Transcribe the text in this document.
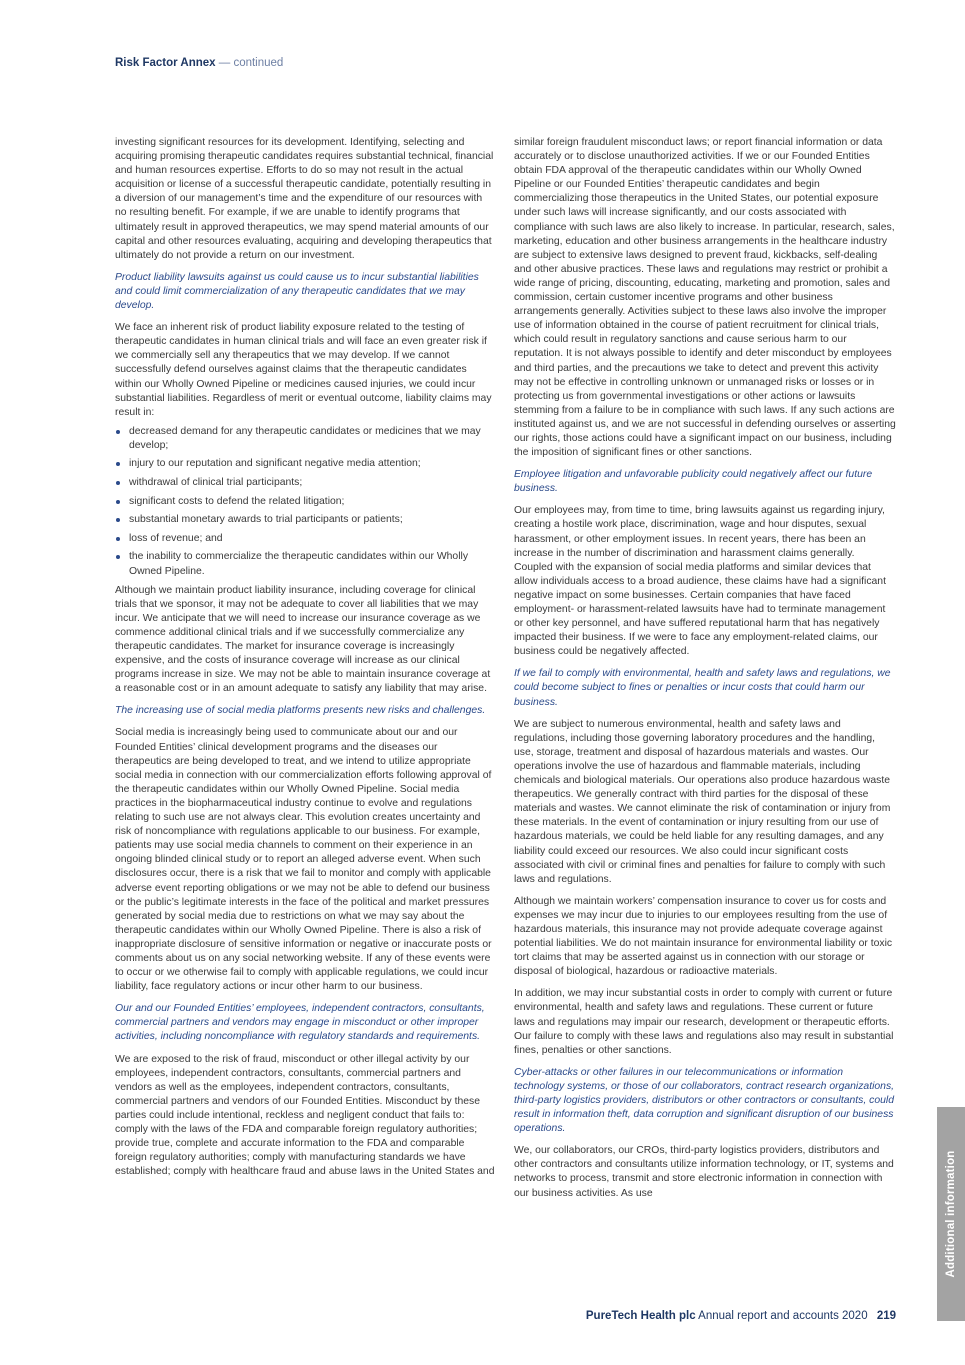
Risk Factor Annex — continued

investing significant resources for its development. Identifying, selecting and acquiring promising therapeutic candidates requires substantial technical, financial and human resources expertise. Efforts to do so may not result in the actual acquisition or license of a successful therapeutic candidate, potentially resulting in a diversion of our management’s time and the expenditure of our resources with no resulting benefit. For example, if we are unable to identify programs that ultimately result in approved therapeutics, we may spend material amounts of our capital and other resources evaluating, acquiring and developing therapeutics that ultimately do not provide a return on our investment.

Product liability lawsuits against us could cause us to incur substantial liabilities and could limit commercialization of any therapeutic candidates that we may develop.

We face an inherent risk of product liability exposure related to the testing of therapeutic candidates in human clinical trials and will face an even greater risk if we commercially sell any therapeutics that we may develop. If we cannot successfully defend ourselves against claims that the therapeutic candidates within our Wholly Owned Pipeline or medicines caused injuries, we could incur substantial liabilities. Regardless of merit or eventual outcome, liability claims may result in:

decreased demand for any therapeutic candidates or medicines that we may develop;
injury to our reputation and significant negative media attention;
withdrawal of clinical trial participants;
significant costs to defend the related litigation;
substantial monetary awards to trial participants or patients;
loss of revenue; and
the inability to commercialize the therapeutic candidates within our Wholly Owned Pipeline.

Although we maintain product liability insurance, including coverage for clinical trials that we sponsor, it may not be adequate to cover all liabilities that we may incur. We anticipate that we will need to increase our insurance coverage as we commence additional clinical trials and if we successfully commercialize any therapeutic candidates. The market for insurance coverage is increasingly expensive, and the costs of insurance coverage will increase as our clinical programs increase in size. We may not be able to maintain insurance coverage at a reasonable cost or in an amount adequate to satisfy any liability that may arise.

The increasing use of social media platforms presents new risks and challenges.

Social media is increasingly being used to communicate about our and our Founded Entities’ clinical development programs and the diseases our therapeutics are being developed to treat, and we intend to utilize appropriate social media in connection with our commercialization efforts following approval of the therapeutic candidates within our Wholly Owned Pipeline. Social media practices in the biopharmaceutical industry continue to evolve and regulations relating to such use are not always clear. This evolution creates uncertainty and risk of noncompliance with regulations applicable to our business. For example, patients may use social media channels to comment on their experience in an ongoing blinded clinical study or to report an alleged adverse event. When such disclosures occur, there is a risk that we fail to monitor and comply with applicable adverse event reporting obligations or we may not be able to defend our business or the public’s legitimate interests in the face of the political and market pressures generated by social media due to restrictions on what we may say about the therapeutic candidates within our Wholly Owned Pipeline. There is also a risk of inappropriate disclosure of sensitive information or negative or inaccurate posts or comments about us on any social networking website. If any of these events were to occur or we otherwise fail to comply with applicable regulations, we could incur liability, face regulatory actions or incur other harm to our business.

Our and our Founded Entities’ employees, independent contractors, consultants, commercial partners and vendors may engage in misconduct or other improper activities, including noncompliance with regulatory standards and requirements.

We are exposed to the risk of fraud, misconduct or other illegal activity by our employees, independent contractors, consultants, commercial partners and vendors as well as the employees, independent contractors, consultants, commercial partners and vendors of our Founded Entities. Misconduct by these parties could include intentional, reckless and negligent conduct that fails to: comply with the laws of the FDA and comparable foreign regulatory authorities; provide true, complete and accurate information to the FDA and comparable foreign regulatory authorities; comply with manufacturing standards we have established; comply with healthcare fraud and abuse laws in the United States and

similar foreign fraudulent misconduct laws; or report financial information or data accurately or to disclose unauthorized activities. If we or our Founded Entities obtain FDA approval of the therapeutic candidates within our Wholly Owned Pipeline or our Founded Entities’ therapeutic candidates and begin commercializing those therapeutics in the United States, our potential exposure under such laws will increase significantly, and our costs associated with compliance with such laws are also likely to increase. In particular, research, sales, marketing, education and other business arrangements in the healthcare industry are subject to extensive laws designed to prevent fraud, kickbacks, self-dealing and other abusive practices. These laws and regulations may restrict or prohibit a wide range of pricing, discounting, educating, marketing and promotion, sales and commission, certain customer incentive programs and other business arrangements generally. Activities subject to these laws also involve the improper use of information obtained in the course of patient recruitment for clinical trials, which could result in regulatory sanctions and cause serious harm to our reputation. It is not always possible to identify and deter misconduct by employees and third parties, and the precautions we take to detect and prevent this activity may not be effective in controlling unknown or unmanaged risks or losses or in protecting us from governmental investigations or other actions or lawsuits stemming from a failure to be in compliance with such laws. If any such actions are instituted against us, and we are not successful in defending ourselves or asserting our rights, those actions could have a significant impact on our business, including the imposition of significant fines or other sanctions.

Employee litigation and unfavorable publicity could negatively affect our future business.

Our employees may, from time to time, bring lawsuits against us regarding injury, creating a hostile work place, discrimination, wage and hour disputes, sexual harassment, or other employment issues. In recent years, there has been an increase in the number of discrimination and harassment claims generally. Coupled with the expansion of social media platforms and similar devices that allow individuals access to a broad audience, these claims have had a significant negative impact on some businesses. Certain companies that have faced employment- or harassment-related lawsuits have had to terminate management or other key personnel, and have suffered reputational harm that has negatively impacted their business. If we were to face any employment-related claims, our business could be negatively affected.

If we fail to comply with environmental, health and safety laws and regulations, we could become subject to fines or penalties or incur costs that could harm our business.

We are subject to numerous environmental, health and safety laws and regulations, including those governing laboratory procedures and the handling, use, storage, treatment and disposal of hazardous materials and wastes. Our operations involve the use of hazardous and flammable materials, including chemicals and biological materials. Our operations also produce hazardous waste therapeutics. We generally contract with third parties for the disposal of these materials and wastes. We cannot eliminate the risk of contamination or injury from these materials. In the event of contamination or injury resulting from our use of hazardous materials, we could be held liable for any resulting damages, and any liability could exceed our resources. We also could incur significant costs associated with civil or criminal fines and penalties for failure to comply with such laws and regulations.

Although we maintain workers’ compensation insurance to cover us for costs and expenses we may incur due to injuries to our employees resulting from the use of hazardous materials, this insurance may not provide adequate coverage against potential liabilities. We do not maintain insurance for environmental liability or toxic tort claims that may be asserted against us in connection with our storage or disposal of biological, hazardous or radioactive materials.

In addition, we may incur substantial costs in order to comply with current or future environmental, health and safety laws and regulations. These current or future laws and regulations may impair our research, development or therapeutic efforts. Our failure to comply with these laws and regulations also may result in substantial fines, penalties or other sanctions.

Cyber-attacks or other failures in our telecommunications or information technology systems, or those of our collaborators, contract research organizations, third-party logistics providers, distributors or other contractors or consultants, could result in information theft, data corruption and significant disruption of our business operations.

We, our collaborators, our CROs, third-party logistics providers, distributors and other contractors and consultants utilize information technology, or IT, systems and networks to process, transmit and store electronic information in connection with our business activities. As use	Additional information
PureTech Health plc Annual report and accounts 2020 219
